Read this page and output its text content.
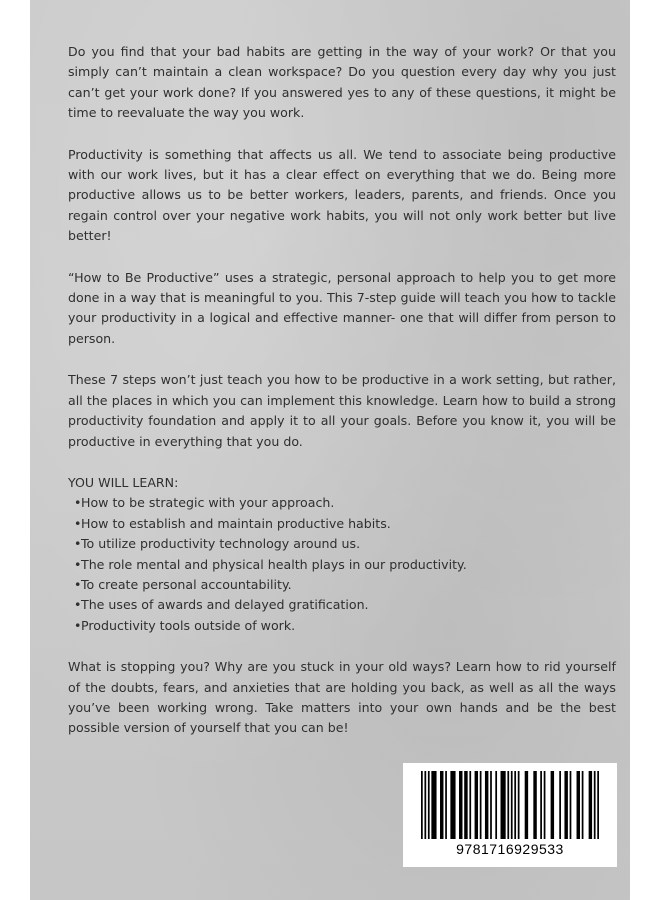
Do you find that your bad habits are getting in the way of your work? Or that you simply can’t maintain a clean workspace? Do you question every day why you just can’t get your work done? If you answered yes to any of these questions, it might be time to reevaluate the way you work.

Productivity is something that affects us all. We tend to associate being productive with our work lives, but it has a clear effect on everything that we do. Being more productive allows us to be better workers, leaders, parents, and friends. Once you regain control over your negative work habits, you will not only work better but live better!

“How to Be Productive” uses a strategic, personal approach to help you to get more done in a way that is meaningful to you. This 7-step guide will teach you how to tackle your productivity in a logical and effective manner- one that will differ from person to person.

These 7 steps won’t just teach you how to be productive in a work setting, but rather, all the places in which you can implement this knowledge. Learn how to build a strong productivity foundation and apply it to all your goals. Before you know it, you will be productive in everything that you do.

YOU WILL LEARN:

•How to be strategic with your approach.
•How to establish and maintain productive habits.
•To utilize productivity technology around us.
•The role mental and physical health plays in our productivity.
•To create personal accountability.
•The uses of awards and delayed gratification.
•Productivity tools outside of work.

What is stopping you? Why are you stuck in your old ways? Learn how to rid yourself of the doubts, fears, and anxieties that are holding you back, as well as all the ways you’ve been working wrong. Take matters into your own hands and be the best possible version of yourself that you can be!

9781716929533
